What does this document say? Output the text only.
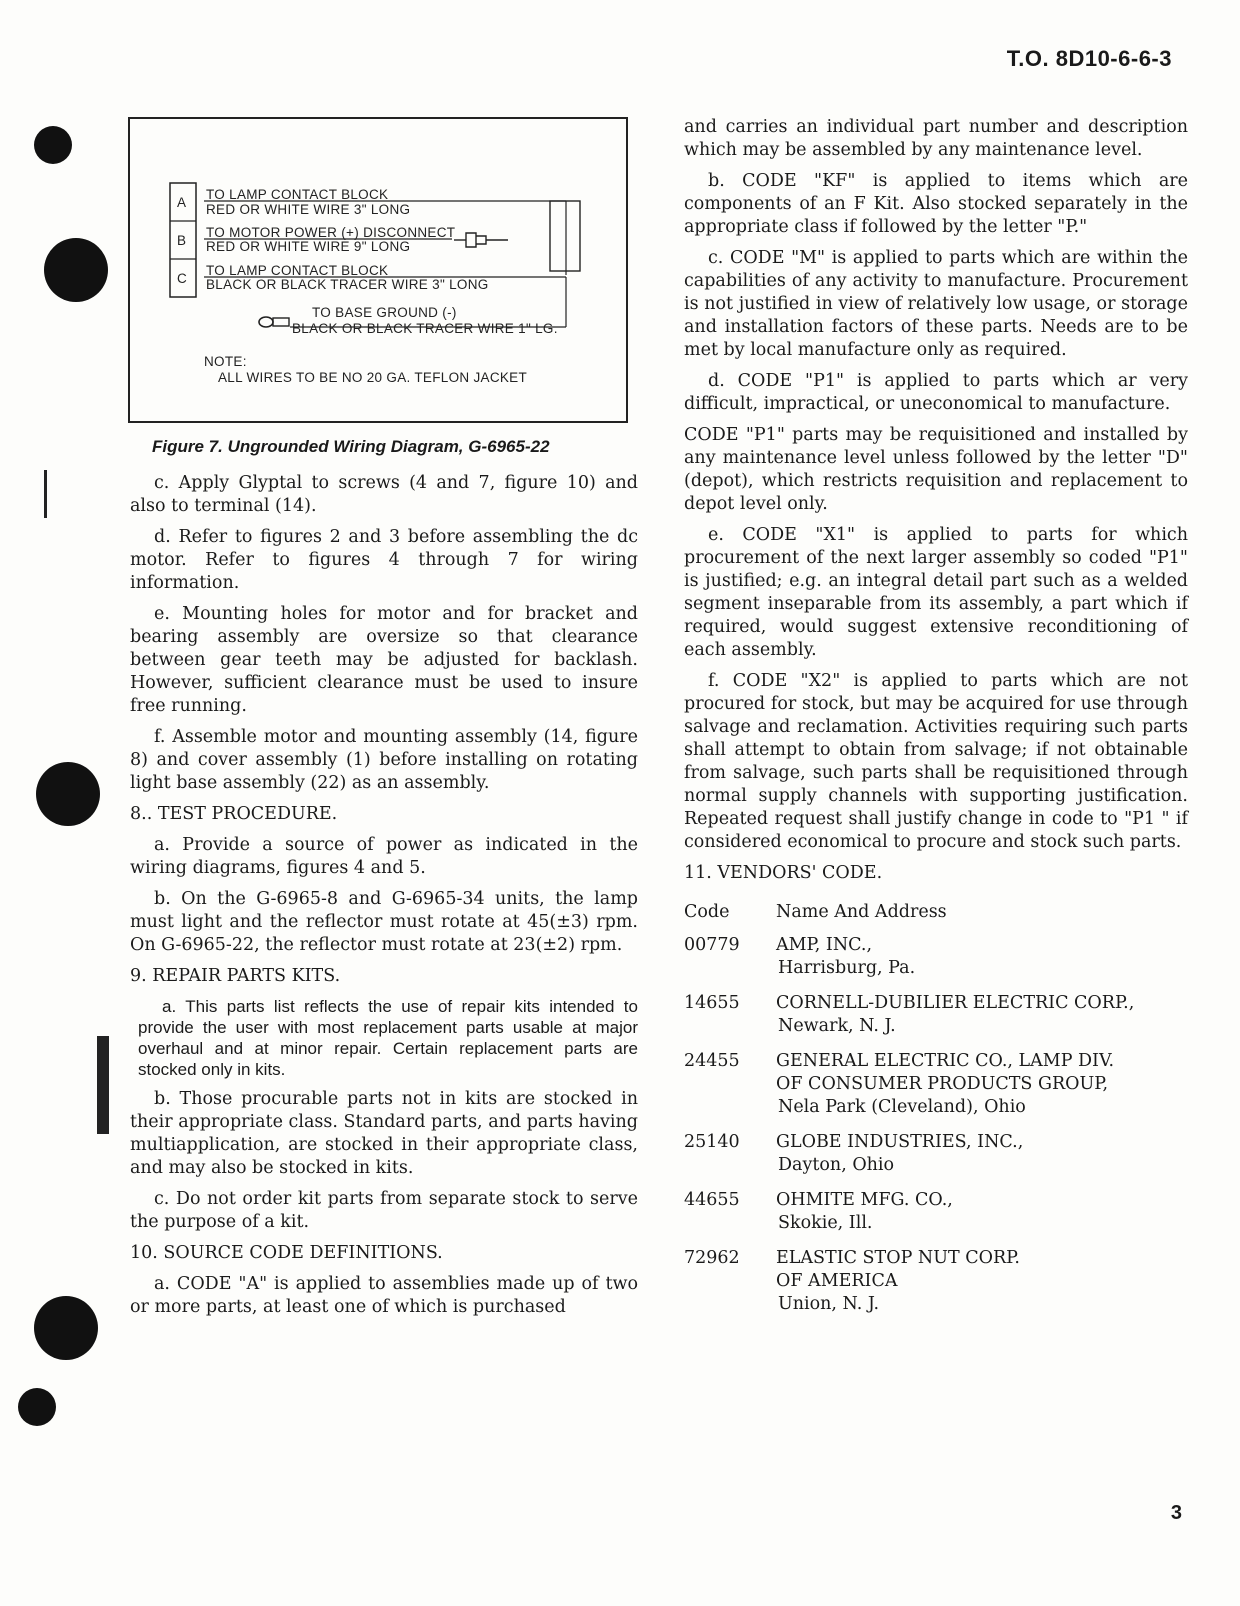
T.O. 8D10-6-6-3
3
A
B
C
TO LAMP CONTACT BLOCK
RED OR WHITE WIRE 3" LONG
TO MOTOR POWER (+) DISCONNECT
RED OR WHITE WIRE 9" LONG
TO LAMP CONTACT BLOCK
BLACK OR BLACK TRACER WIRE 3" LONG
TO BASE GROUND (-)
BLACK OR BLACK TRACER WIRE 1" LG.
NOTE:
ALL WIRES TO BE NO 20 GA. TEFLON JACKET
Figure 7. Ungrounded Wiring Diagram, G-6965-22

c. Apply Glyptal to screws (4 and 7, figure 10) and also to terminal (14).

d. Refer to figures 2 and 3 before assembling the dc motor. Refer to figures 4 through 7 for wiring information.

e. Mounting holes for motor and for bracket and bearing assembly are oversize so that clearance between gear teeth may be adjusted for backlash. However, sufficient clearance must be used to insure free running.

f. Assemble motor and mounting assembly (14, figure 8) and cover assembly (1) before installing on rotating light base assembly (22) as an assembly.

8.. TEST PROCEDURE.

a. Provide a source of power as indicated in the wiring diagrams, figures 4 and 5.

b. On the G-6965-8 and G-6965-34 units, the lamp must light and the reflector must rotate at 45(±3) rpm. On G-6965-22, the reflector must rotate at 23(±2) rpm.

9. REPAIR PARTS KITS.

a. This parts list reflects the use of repair kits intended to provide the user with most replacement parts usable at major overhaul and at minor repair. Certain replacement parts are stocked only in kits.

b. Those procurable parts not in kits are stocked in their appropriate class. Standard parts, and parts having multiapplication, are stocked in their appropriate class, and may also be stocked in kits.

c. Do not order kit parts from separate stock to serve the purpose of a kit.

10. SOURCE CODE DEFINITIONS.

a. CODE "A" is applied to assemblies made up of two or more parts, at least one of which is purchased

and carries an individual part number and description which may be assembled by any maintenance level.

b. CODE "KF" is applied to items which are components of an F Kit. Also stocked separately in the appropriate class if followed by the letter "P."

c. CODE "M" is applied to parts which are within the capabilities of any activity to manufacture. Procurement is not justified in view of relatively low usage, or storage and installation factors of these parts. Needs are to be met by local manufacture only as required.

d. CODE "P1" is applied to parts which ar very difficult, impractical, or uneconomical to manufacture.

CODE "P1" parts may be requisitioned and installed by any maintenance level unless followed by the letter "D" (depot), which restricts requisition and replacement to depot level only.

e. CODE "X1" is applied to parts for which procurement of the next larger assembly so coded "P1" is justified; e.g. an integral detail part such as a welded segment inseparable from its assembly, a part which if required, would suggest extensive reconditioning of each assembly.

f. CODE "X2" is applied to parts which are not procured for stock, but may be acquired for use through salvage and reclamation. Activities requiring such parts shall attempt to obtain from salvage; if not obtainable from salvage, such parts shall be requisitioned through normal supply channels with supporting justification. Repeated request shall justify change in code to "P1 " if considered economical to procure and stock such parts.

11. VENDORS' CODE.
Code	Name And Address
00779	AMP, INC.,
Harrisburg, Pa.

14655	CORNELL-DUBILIER ELECTRIC CORP.,
Newark, N. J.

24455	GENERAL ELECTRIC CO., LAMP DIV.
OF CONSUMER PRODUCTS GROUP,
Nela Park (Cleveland), Ohio

25140	GLOBE INDUSTRIES, INC.,
Dayton, Ohio

44655	OHMITE MFG. CO.,
Skokie, Ill.

72962	ELASTIC STOP NUT CORP.
OF AMERICA
Union, N. J.
